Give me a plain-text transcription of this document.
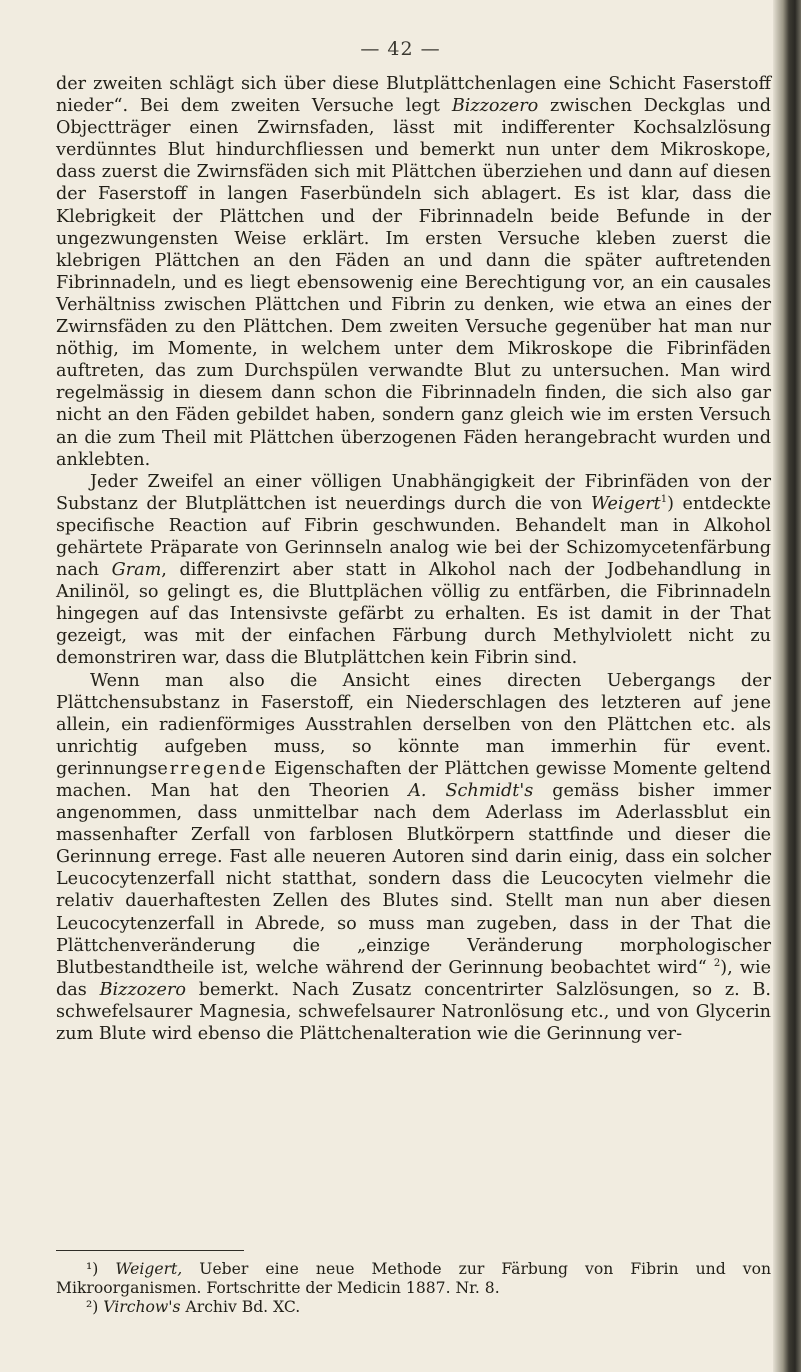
— 42 —

der zweiten schlägt sich über diese Blutplättchenlagen eine Schicht Faserstoff nieder“. Bei dem zweiten Versuche legt Bizzozero zwischen Deckglas und Objectträger einen Zwirnsfaden, lässt mit indifferenter Kochsalzlösung verdünntes Blut hindurchfliessen und bemerkt nun unter dem Mikroskope, dass zuerst die Zwirnsfäden sich mit Plättchen überziehen und dann auf diesen der Faserstoff in langen Faserbündeln sich ablagert. Es ist klar, dass die Klebrigkeit der Plättchen und der Fibrinnadeln beide Befunde in der ungezwungensten Weise erklärt. Im ersten Versuche kleben zuerst die klebrigen Plättchen an den Fäden an und dann die später auftretenden Fibrinnadeln, und es liegt ebensowenig eine Berechtigung vor, an ein causales Verhältniss zwischen Plättchen und Fibrin zu denken, wie etwa an eines der Zwirnsfäden zu den Plättchen. Dem zweiten Versuche gegenüber hat man nur nöthig, im Momente, in welchem unter dem Mikroskope die Fibrinfäden auftreten, das zum Durchspülen verwandte Blut zu untersuchen. Man wird regelmässig in diesem dann schon die Fibrinnadeln finden, die sich also gar nicht an den Fäden gebildet haben, sondern ganz gleich wie im ersten Versuch an die zum Theil mit Plättchen überzogenen Fäden herangebracht wurden und anklebten.

Jeder Zweifel an einer völligen Unabhängigkeit der Fibrinfäden von der Substanz der Blutplättchen ist neuerdings durch die von Weigert$^1$) entdeckte specifische Reaction auf Fibrin geschwunden. Behandelt man in Alkohol gehärtete Präparate von Gerinnseln analog wie bei der Schizomycetenfärbung nach Gram, differenzirt aber statt in Alkohol nach der Jodbehandlung in Anilinöl, so gelingt es, die Bluttplächen völlig zu entfärben, die Fibrinnadeln hingegen auf das Intensivste gefärbt zu erhalten. Es ist damit in der That gezeigt, was mit der einfachen Färbung durch Methylviolett nicht zu demonstriren war, dass die Blutplättchen kein Fibrin sind.

Wenn man also die Ansicht eines directen Uebergangs der Plättchensubstanz in Faserstoff, ein Niederschlagen des letzteren auf jene allein, ein radienförmiges Ausstrahlen derselben von den Plättchen etc. als unrichtig aufgeben muss, so könnte man immerhin für event. gerinnungserregende Eigenschaften der Plättchen gewisse Momente geltend machen. Man hat den Theorien A. Schmidt's gemäss bisher immer angenommen, dass unmittelbar nach dem Aderlass im Aderlassblut ein massenhafter Zerfall von farblosen Blutkörpern stattfinde und dieser die Gerinnung errege. Fast alle neueren Autoren sind darin einig, dass ein solcher Leucocytenzerfall nicht statthat, sondern dass die Leucocyten vielmehr die relativ dauerhaftesten Zellen des Blutes sind. Stellt man nun aber diesen Leucocytenzerfall in Abrede, so muss man zugeben, dass in der That die Plättchenveränderung die „einzige Veränderung morphologischer Blutbestandtheile ist, welche während der Gerinnung beobachtet wird“ $^2$), wie das Bizzozero bemerkt. Nach Zusatz concentrirter Salzlösungen, so z. B. schwefelsaurer Magnesia, schwefelsaurer Natronlösung etc., und von Glycerin zum Blute wird ebenso die Plättchenalteration wie die Gerinnung ver-

¹) Weigert, Ueber eine neue Methode zur Färbung von Fibrin und von Mikroorganismen. Fortschritte der Medicin 1887. Nr. 8.

²) Virchow's Archiv Bd. XC.
